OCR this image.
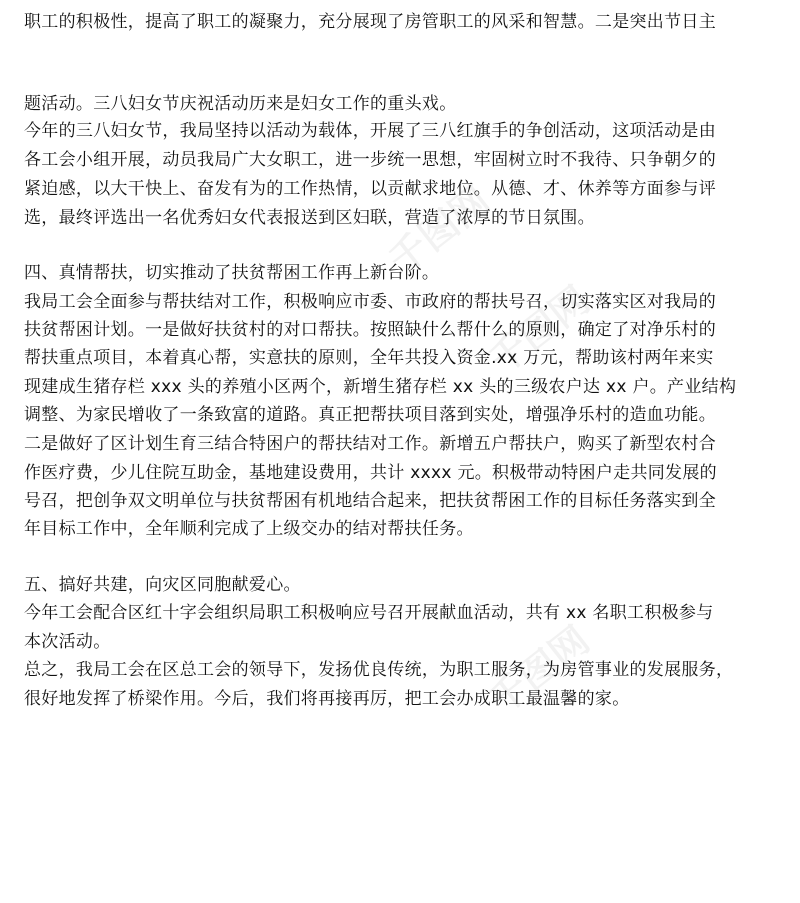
千图网
千图网
千图网
职工的积极性，提高了职工的凝聚力，充分展现了房管职工的风采和智慧。二是突出节日主
题活动。三八妇女节庆祝活动历来是妇女工作的重头戏。
今年的三八妇女节，我局坚持以活动为载体，开展了三八红旗手的争创活动，这项活动是由
各工会小组开展，动员我局广大女职工，进一步统一思想，牢固树立时不我待、只争朝夕的
紧迫感，以大干快上、奋发有为的工作热情，以贡献求地位。从德、才、休养等方面参与评
选，最终评选出一名优秀妇女代表报送到区妇联，营造了浓厚的节日氛围。
四、真情帮扶，切实推动了扶贫帮困工作再上新台阶。
我局工会全面参与帮扶结对工作，积极响应市委、市政府的帮扶号召，切实落实区对我局的
扶贫帮困计划。一是做好扶贫村的对口帮扶。按照缺什么帮什么的原则，确定了对净乐村的
帮扶重点项目，本着真心帮，实意扶的原则，全年共投入资金.xx 万元，帮助该村两年来实
现建成生猪存栏 xxx 头的养殖小区两个，新增生猪存栏 xx 头的三级农户达 xx 户。产业结构
调整、为家民增收了一条致富的道路。真正把帮扶项目落到实处，增强净乐村的造血功能。
二是做好了区计划生育三结合特困户的帮扶结对工作。新增五户帮扶户，购买了新型农村合
作医疗费，少儿住院互助金，基地建设费用，共计 xxxx 元。积极带动特困户走共同发展的
号召，把创争双文明单位与扶贫帮困有机地结合起来，把扶贫帮困工作的目标任务落实到全
年目标工作中，全年顺利完成了上级交办的结对帮扶任务。
五、搞好共建，向灾区同胞献爱心。
今年工会配合区红十字会组织局职工积极响应号召开展献血活动，共有 xx 名职工积极参与
本次活动。
总之，我局工会在区总工会的领导下，发扬优良传统，为职工服务，为房管事业的发展服务，
很好地发挥了桥梁作用。今后，我们将再接再厉，把工会办成职工最温馨的家。
